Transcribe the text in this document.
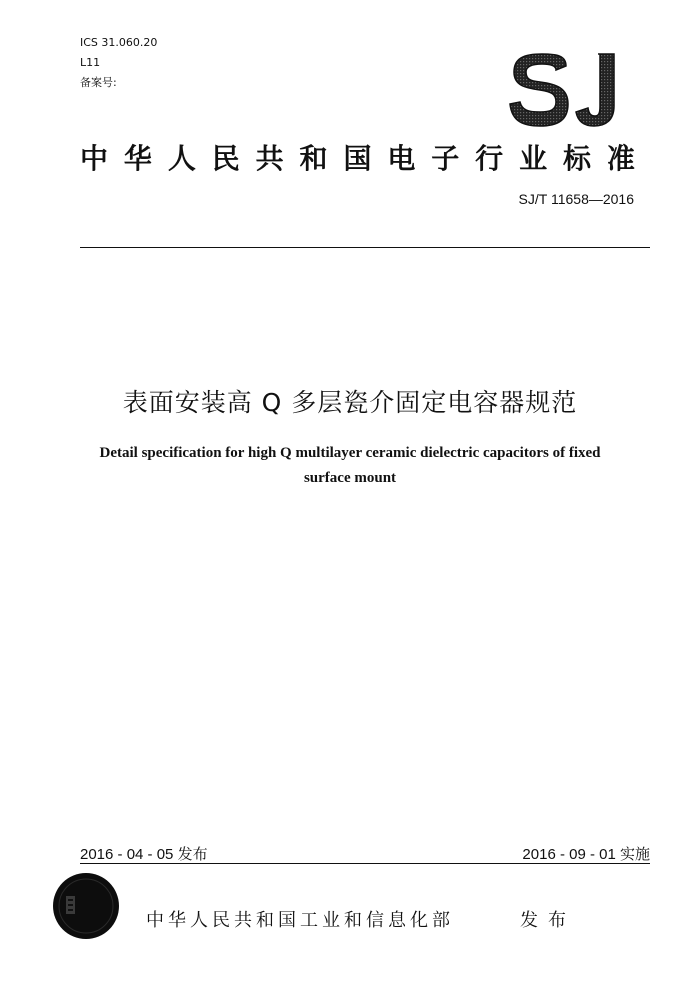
ICS 31.060.20
L11
备案号:
中 华 人 民 共 和 国 电 子 行 业 标 准
SJ/T 11658—2016
表面安装高 Q 多层瓷介固定电容器规范
Detail specification for high Q multilayer ceramic dielectric capacitors of fixed
surface mount
2016 - 04 - 05 发布	2016 - 09 - 01 实施
中华人民共和国工业和信息化部	发布
